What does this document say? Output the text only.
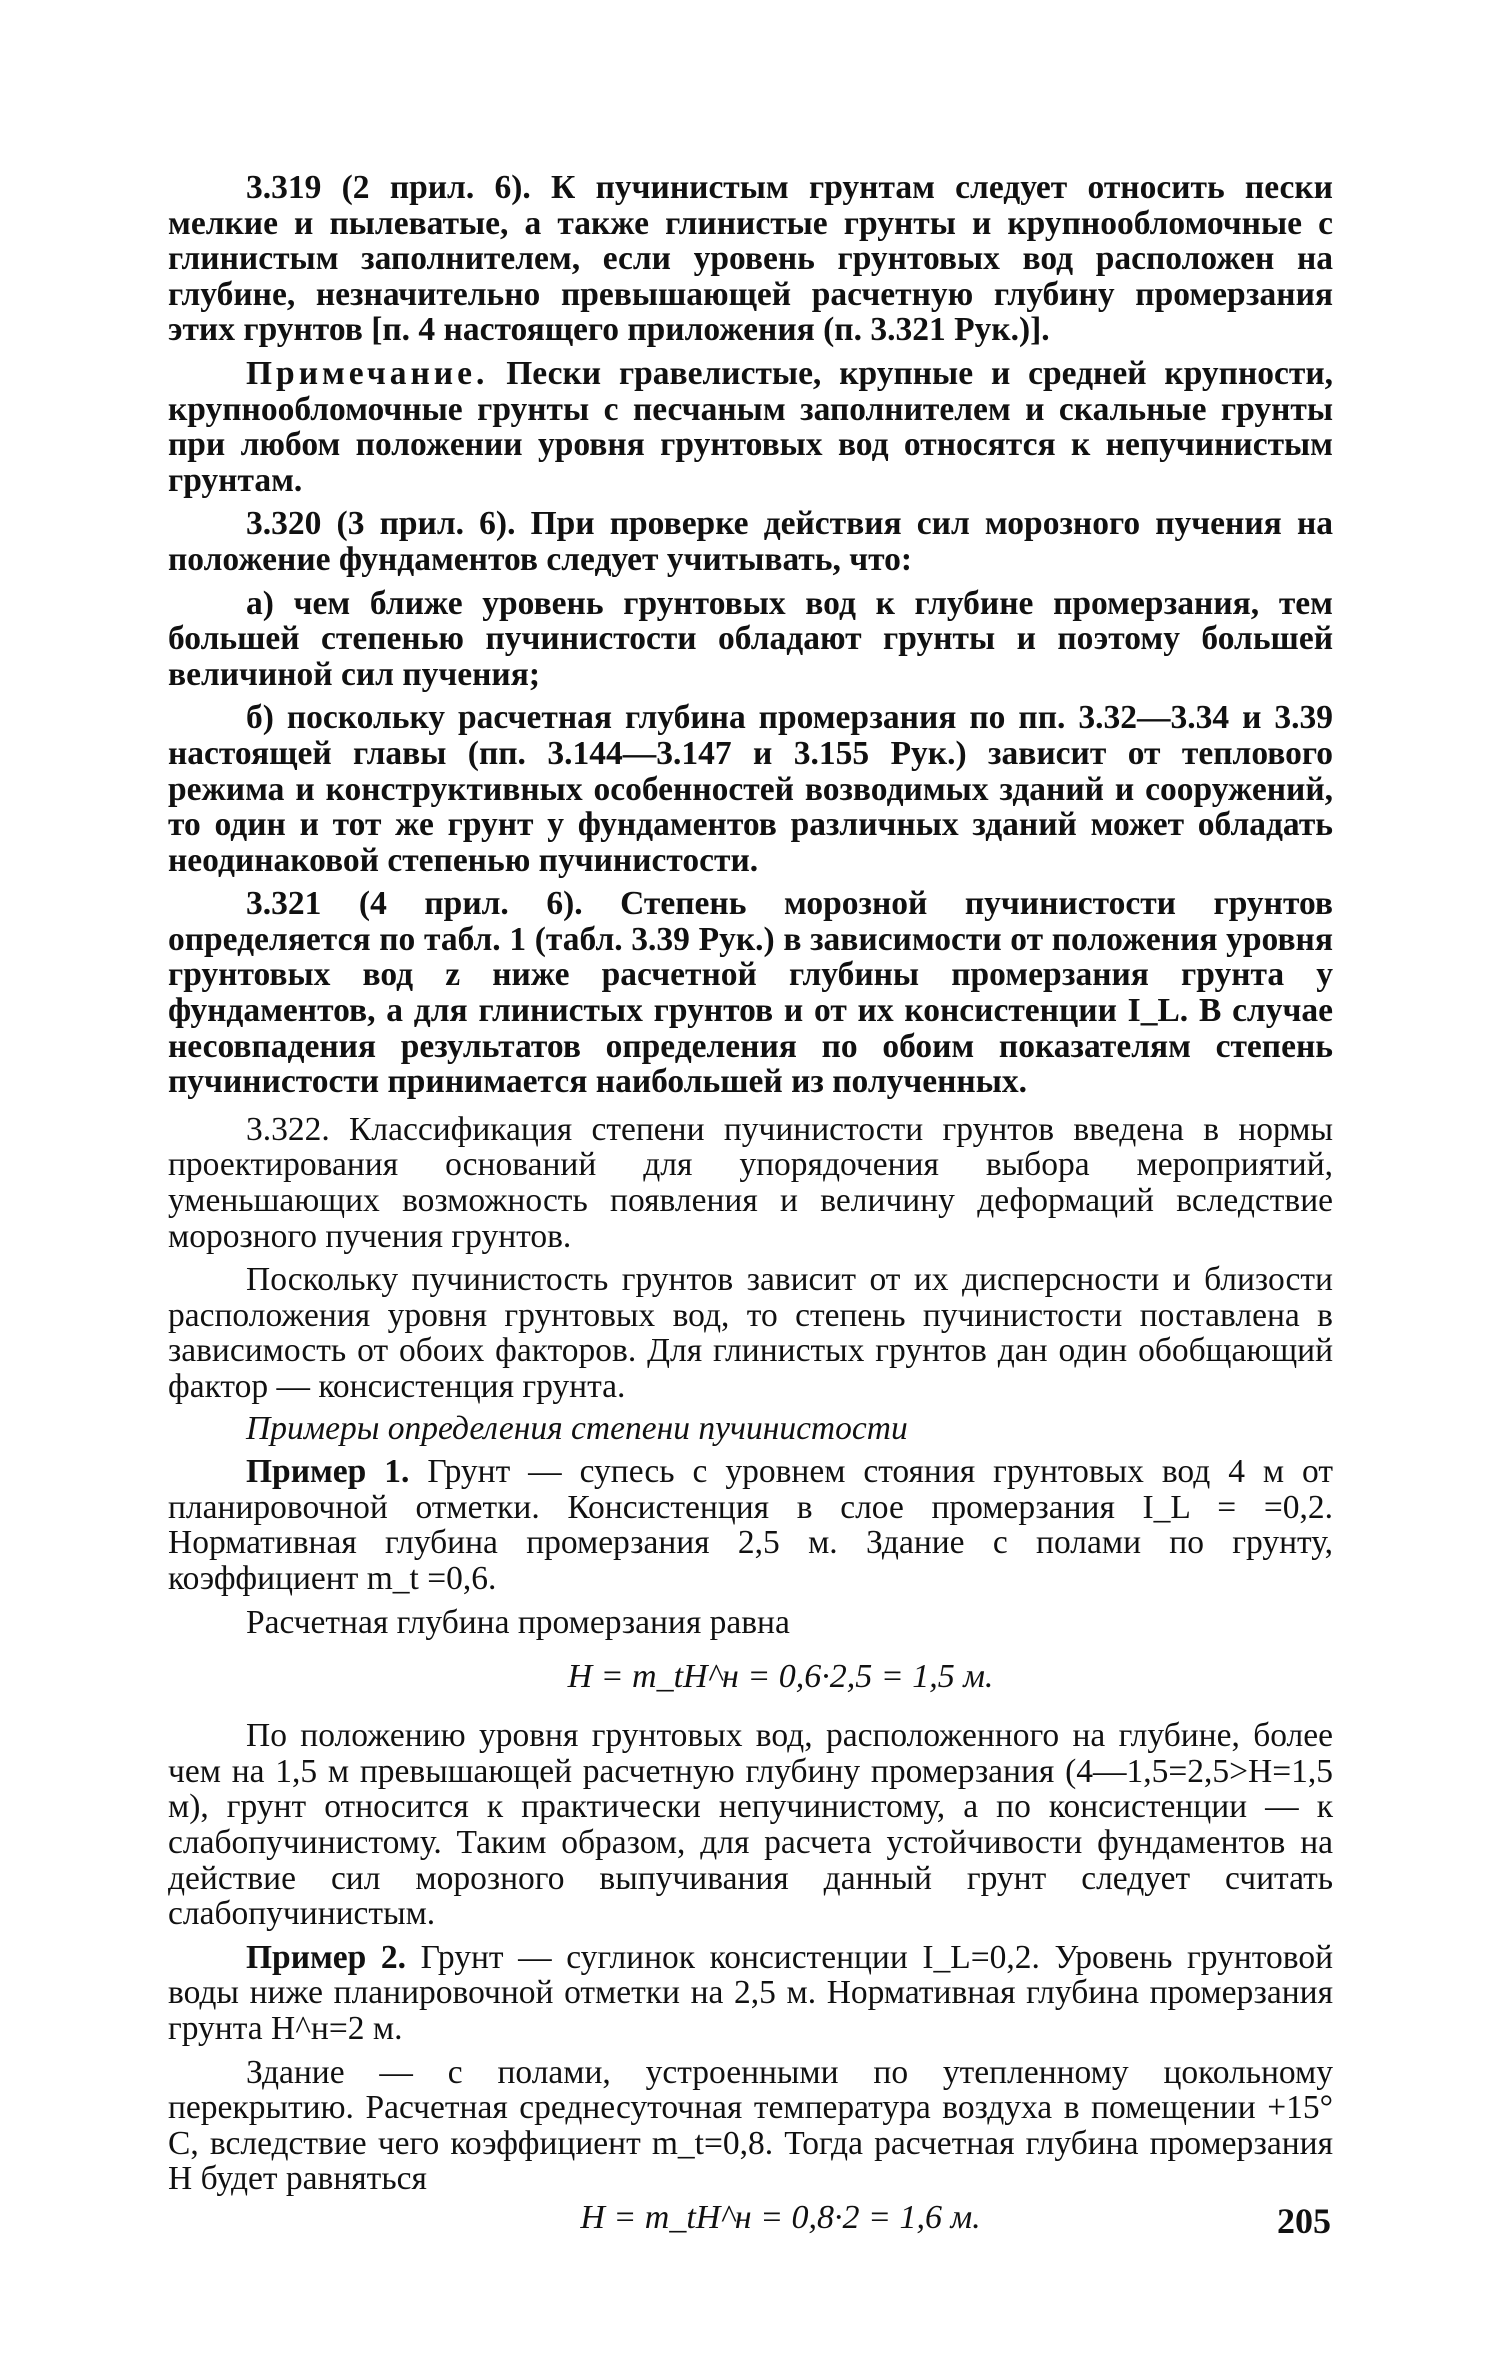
3.319 (2 прил. 6). К пучинистым грунтам следует относить пески мелкие и пылеватые, а также глинистые грунты и крупнообломочные с глинистым заполнителем, если уровень грунтовых вод расположен на глубине, незначительно превышающей расчетную глубину промерзания этих грунтов [п. 4 настоящего приложения (п. 3.321 Рук.)].

Примечание. Пески гравелистые, крупные и средней крупности, крупнообломочные грунты с песчаным заполнителем и скальные грунты при любом положении уровня грунтовых вод относятся к непучинистым грунтам.

3.320 (3 прил. 6). При проверке действия сил морозного пучения на положение фундаментов следует учитывать, что:

а) чем ближе уровень грунтовых вод к глубине промерзания, тем большей степенью пучинистости обладают грунты и поэтому большей величиной сил пучения;

б) поскольку расчетная глубина промерзания по пп. 3.32—3.34 и 3.39 настоящей главы (пп. 3.144—3.147 и 3.155 Рук.) зависит от теплового режима и конструктивных особенностей возводимых зданий и сооружений, то один и тот же грунт у фундаментов различных зданий может обладать неодинаковой степенью пучинистости.

3.321 (4 прил. 6). Степень морозной пучинистости грунтов определяется по табл. 1 (табл. 3.39 Рук.) в зависимости от положения уровня грунтовых вод z ниже расчетной глубины промерзания грунта у фундаментов, а для глинистых грунтов и от их консистенции I_L. В случае несовпадения результатов определения по обоим показателям степень пучинистости принимается наибольшей из полученных.

3.322. Классификация степени пучинистости грунтов введена в нормы проектирования оснований для упорядочения выбора мероприятий, уменьшающих возможность появления и величину деформаций вследствие морозного пучения грунтов.

Поскольку пучинистость грунтов зависит от их дисперсности и близости расположения уровня грунтовых вод, то степень пучинистости поставлена в зависимость от обоих факторов. Для глинистых грунтов дан один обобщающий фактор — консистенция грунта.

Примеры определения степени пучинистости

Пример 1. Грунт — супесь с уровнем стояния грунтовых вод 4 м от планировочной отметки. Консистенция в слое промерзания I_L = =0,2. Нормативная глубина промерзания 2,5 м. Здание с полами по грунту, коэффициент m_t =0,6.

Расчетная глубина промерзания равна

H = m_tH^н = 0,6·2,5 = 1,5 м.

По положению уровня грунтовых вод, расположенного на глубине, более чем на 1,5 м превышающей расчетную глубину промерзания (4—1,5=2,5>H=1,5 м), грунт относится к практически непучинистому, а по консистенции — к слабопучинистому. Таким образом, для расчета устойчивости фундаментов на действие сил морозного выпучивания данный грунт следует считать слабопучинистым.

Пример 2. Грунт — суглинок консистенции I_L=0,2. Уровень грунтовой воды ниже планировочной отметки на 2,5 м. Нормативная глубина промерзания грунта H^н=2 м.

Здание — с полами, устроенными по утепленному цокольному перекрытию. Расчетная среднесуточная температура воздуха в помещении +15° С, вследствие чего коэффициент m_t=0,8. Тогда расчетная глубина промерзания H будет равняться

H = m_tH^н = 0,8·2 = 1,6 м.	205
